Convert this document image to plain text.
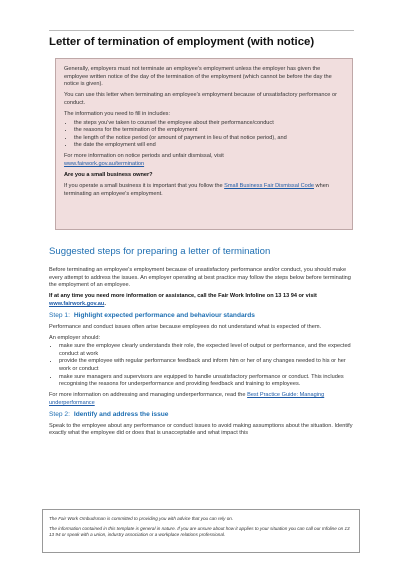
Letter of termination of employment (with notice)

Generally, employers must not terminate an employee's employment unless the employer has given the employee written notice of the day of the termination of the employment (which cannot be before the day the notice is given).

You can use this letter when terminating an employee's employment because of unsatisfactory performance or conduct.

The information you need to fill in includes:

• the steps you've taken to counsel the employee about their performance/conduct
• the reasons for the termination of the employment
• the length of the notice period (or amount of payment in lieu of that notice period), and
• the date the employment will end

For more information on notice periods and unfair dismissal, visit
www.fairwork.gov.au/termination

Are you a small business owner?

If you operate a small business it is important that you follow the Small Business Fair Dismissal Code when terminating an employee's employment.

Suggested steps for preparing a letter of termination

Before terminating an employee's employment because of unsatisfactory performance and/or conduct, you should make every attempt to address the issues. An employer operating at best practice may follow the steps below before terminating the employment of an employee.

If at any time you need more information or assistance, call the Fair Work Infoline on 13 13 94 or visit www.fairwork.gov.au.

Step 1: Highlight expected performance and behaviour standards

Performance and conduct issues often arise because employees do not understand what is expected of them.

An employer should:

• make sure the employee clearly understands their role, the expected level of output or performance, and the expected conduct at work
• provide the employee with regular performance feedback and inform him or her of any changes needed to his or her work or conduct
• make sure managers and supervisors are equipped to handle unsatisfactory performance or conduct. This includes recognising the reasons for underperformance and providing feedback and training to employees.

For more information on addressing and managing underperformance, read the Best Practice Guide: Managing underperformance

Step 2: Identify and address the issue

Speak to the employee about any performance or conduct issues to avoid making assumptions about the situation. Identify exactly what the employee did or does that is unacceptable and what impact this

The Fair Work Ombudsman is committed to providing you with advice that you can rely on.

The information contained in this template is general in nature. If you are unsure about how it applies to your situation you can call our Infoline on 13 13 94 or speak with a union, industry association or a workplace relations professional.
